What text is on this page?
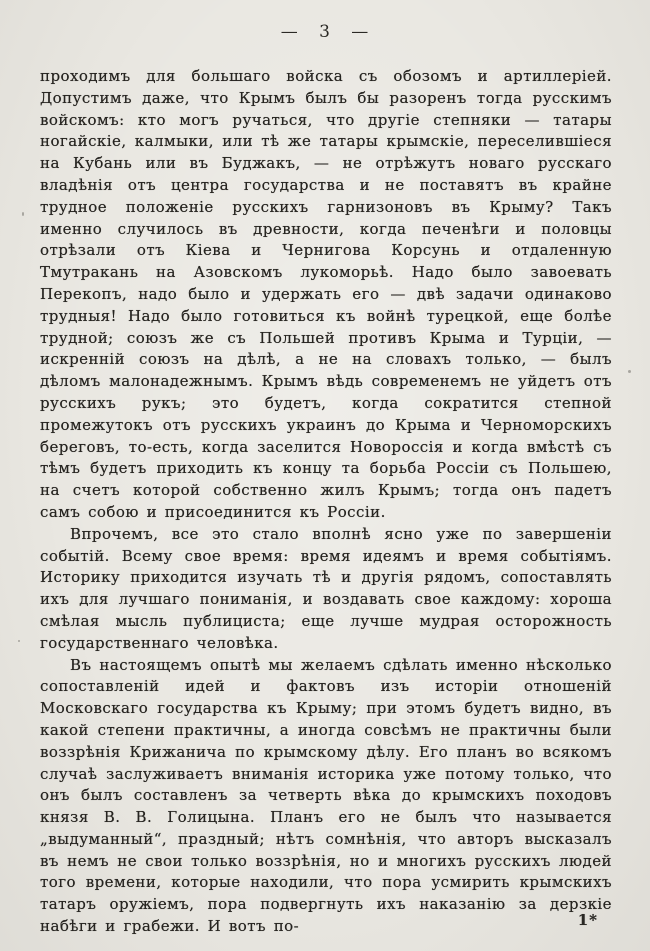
— 3 —

проходимъ для большаго войска съ обозомъ и артиллеріей. Допустимъ даже, что Крымъ былъ бы разоренъ тогда русскимъ войскомъ: кто могъ ручаться, что другіе степняки — татары ногайскіе, калмыки, или тѣ же татары крымскіе, переселившіеся на Кубань или въ Буджакъ, — не отрѣжутъ новаго русскаго владѣнія отъ центра государства и не поставятъ въ крайне трудное положеніе русскихъ гарнизоновъ въ Крыму? Такъ именно случилось въ древности, когда печенѣги и половцы отрѣзали отъ Кіева и Чернигова Корсунь и отдаленную Тмутракань на Азовскомъ лукоморьѣ. Надо было завоевать Перекопъ, надо было и удержать его — двѣ задачи одинаково трудныя! Надо было готовиться къ войнѣ турецкой, еще болѣе трудной; союзъ же съ Польшей противъ Крыма и Турціи, — искренній союзъ на дѣлѣ, а не на словахъ только, — былъ дѣломъ малонадежнымъ. Крымъ вѣдь современемъ не уйдетъ отъ русскихъ рукъ; это будетъ, когда сократится степной промежутокъ отъ русскихъ украинъ до Крыма и Черноморскихъ береговъ, то-есть, когда заселится Новороссія и когда вмѣстѣ съ тѣмъ будетъ приходить къ концу та борьба Россіи съ Польшею, на счетъ которой собственно жилъ Крымъ; тогда онъ падетъ самъ собою и присоединится къ Россіи.

Впрочемъ, все это стало вполнѣ ясно уже по завершеніи событій. Всему свое время: время идеямъ и время событіямъ. Историку приходится изучать тѣ и другія рядомъ, сопоставлять ихъ для лучшаго пониманія, и воздавать свое каждому: хороша смѣлая мысль публициста; еще лучше мудрая осторожность государственнаго человѣка.

Въ настоящемъ опытѣ мы желаемъ сдѣлать именно нѣсколько сопоставленій идей и фактовъ изъ исторіи отношеній Московскаго государства къ Крыму; при этомъ будетъ видно, въ какой степени практичны, а иногда совсѣмъ не практичны были воззрѣнія Крижанича по крымскому дѣлу. Его планъ во всякомъ случаѣ заслуживаетъ вниманія историка уже потому только, что онъ былъ составленъ за четверть вѣка до крымскихъ походовъ князя В. В. Голицына. Планъ его не былъ что называется „выдуманный“, праздный; нѣтъ сомнѣнія, что авторъ высказалъ въ немъ не свои только воззрѣнія, но и многихъ русскихъ людей того времени, которые находили, что пора усмирить крымскихъ татаръ оружіемъ, пора подвергнуть ихъ наказанію за дерзкіе набѣги и грабежи. И вотъ по-	1*
